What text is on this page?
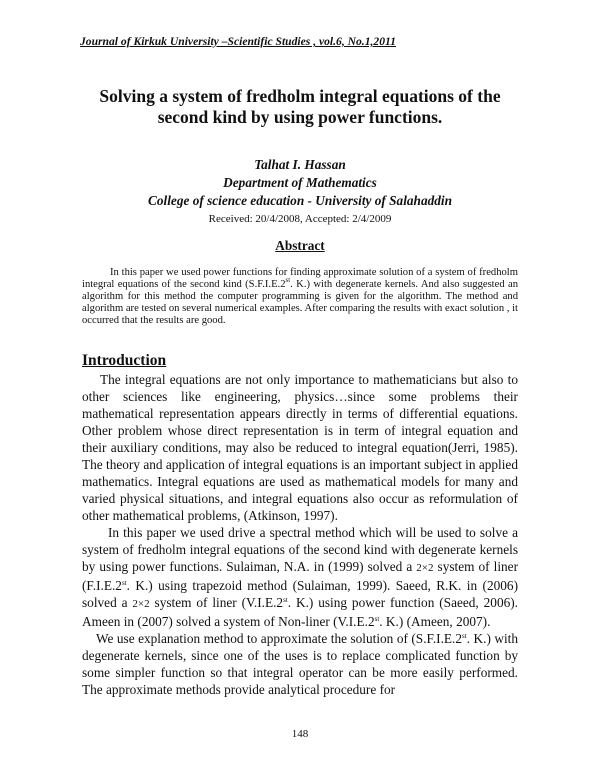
Journal of Kirkuk University –Scientific Studies , vol.6, No.1,2011
Solving a system of fredholm integral equations of the
second kind by using power functions.
Talhat I. Hassan
Department of Mathematics
College of science education - University of Salahaddin
Received: 20/4/2008, Accepted: 2/4/2009
Abstract
In this paper we used power functions for finding approximate solution of a system of fredholm integral equations of the second kind (S.F.I.E.2st. K.) with degenerate kernels. And also suggested an algorithm for this method the computer programming is given for the algorithm. The method and algorithm are tested on several numerical examples. After comparing the results with exact solution , it occurred that the results are good.
Introduction

The integral equations are not only importance to mathematicians but also to other sciences like engineering, physics…since some problems their mathematical representation appears directly in terms of differential equations. Other problem whose direct representation is in term of integral equation and their auxiliary conditions, may also be reduced to integral equation(Jerri, 1985). The theory and application of integral equations is an important subject in applied mathematics. Integral equations are used as mathematical models for many and varied physical situations, and integral equations also occur as reformulation of other mathematical problems, (Atkinson, 1997).

In this paper we used drive a spectral method which will be used to solve a system of fredholm integral equations of the second kind with degenerate kernels by using power functions. Sulaiman, N.A. in (1999) solved a 2×2 system of liner (F.I.E.2st. K.) using trapezoid method (Sulaiman, 1999). Saeed, R.K. in (2006) solved a 2×2 system of liner (V.I.E.2st. K.) using power function (Saeed, 2006). Ameen in (2007) solved a system of Non-liner (V.I.E.2st. K.) (Ameen, 2007).

We use explanation method to approximate the solution of (S.F.I.E.2st. K.) with degenerate kernels, since one of the uses is to replace complicated function by some simpler function so that integral operator can be more easily performed. The approximate methods provide analytical procedure for

148
